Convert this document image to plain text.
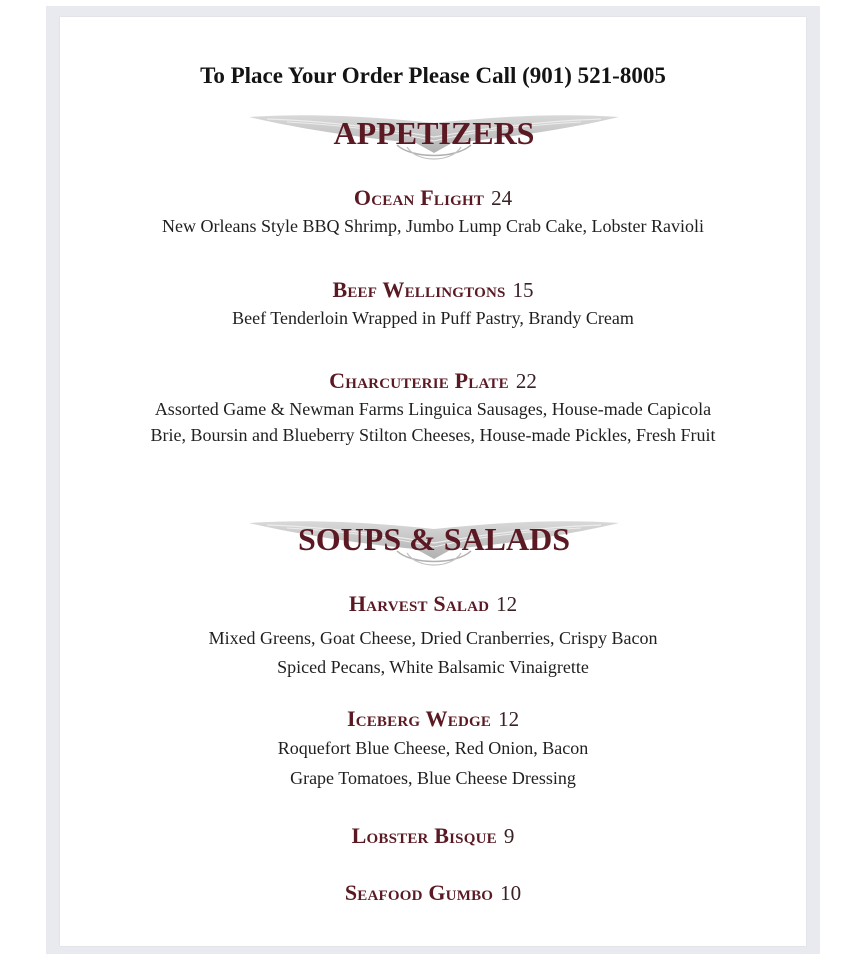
To Place Your Order Please Call (901) 521-8005
APPETIZERS
Ocean Flight 24
New Orleans Style BBQ Shrimp, Jumbo Lump Crab Cake, Lobster Ravioli
Beef Wellingtons 15
Beef Tenderloin Wrapped in Puff Pastry, Brandy Cream
Charcuterie Plate 22
Assorted Game & Newman Farms Linguica Sausages, House-made Capicola
Brie, Boursin and Blueberry Stilton Cheeses, House-made Pickles, Fresh Fruit
SOUPS & SALADS
Harvest Salad 12
Mixed Greens, Goat Cheese, Dried Cranberries, Crispy Bacon
Spiced Pecans, White Balsamic Vinaigrette
Iceberg Wedge 12
Roquefort Blue Cheese, Red Onion, Bacon
Grape Tomatoes, Blue Cheese Dressing
Lobster Bisque 9
Seafood Gumbo 10
